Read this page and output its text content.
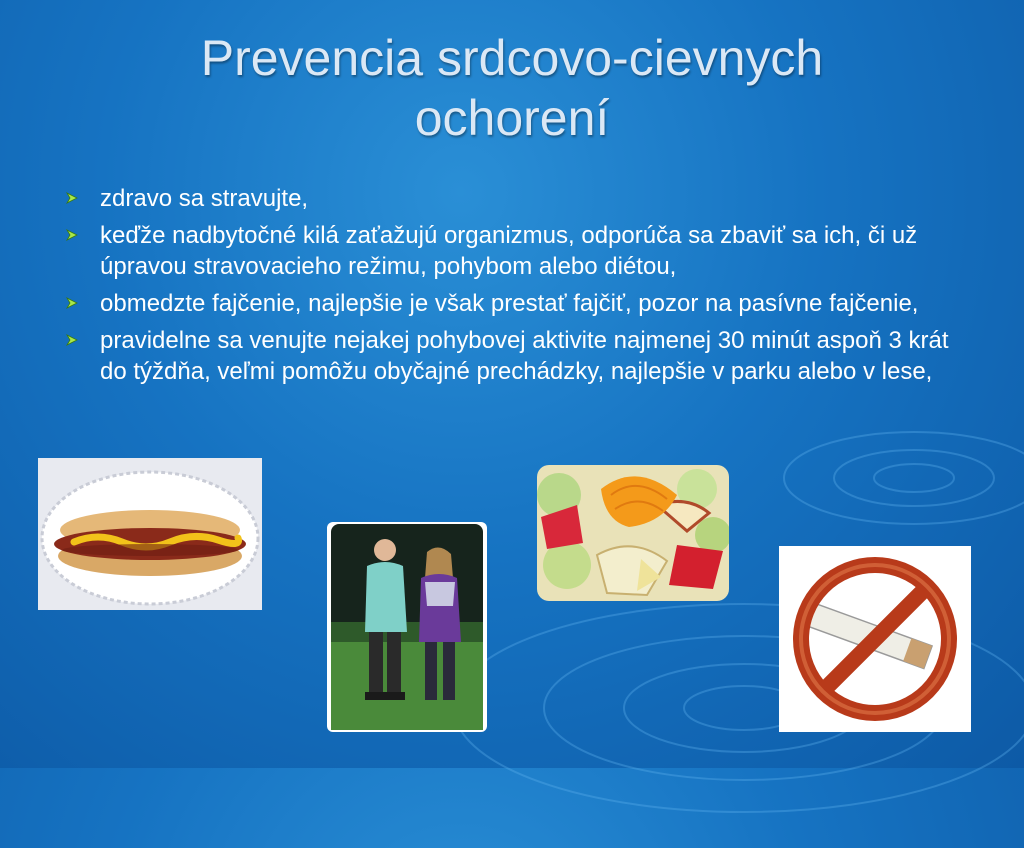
Prevencia srdcovo-cievnych
ochorení
zdravo sa stravujte,
keďže nadbytočné kilá zaťažujú organizmus, odporúča sa zbaviť sa ich, či už úpravou stravovacieho režimu, pohybom alebo diétou,
obmedzte fajčenie, najlepšie je však prestať fajčiť, pozor na pasívne fajčenie,
pravidelne sa venujte nejakej pohybovej aktivite najmenej 30 minút aspoň 3 krát do týždňa, veľmi pomôžu obyčajné prechádzky, najlepšie v parku alebo v lese,
